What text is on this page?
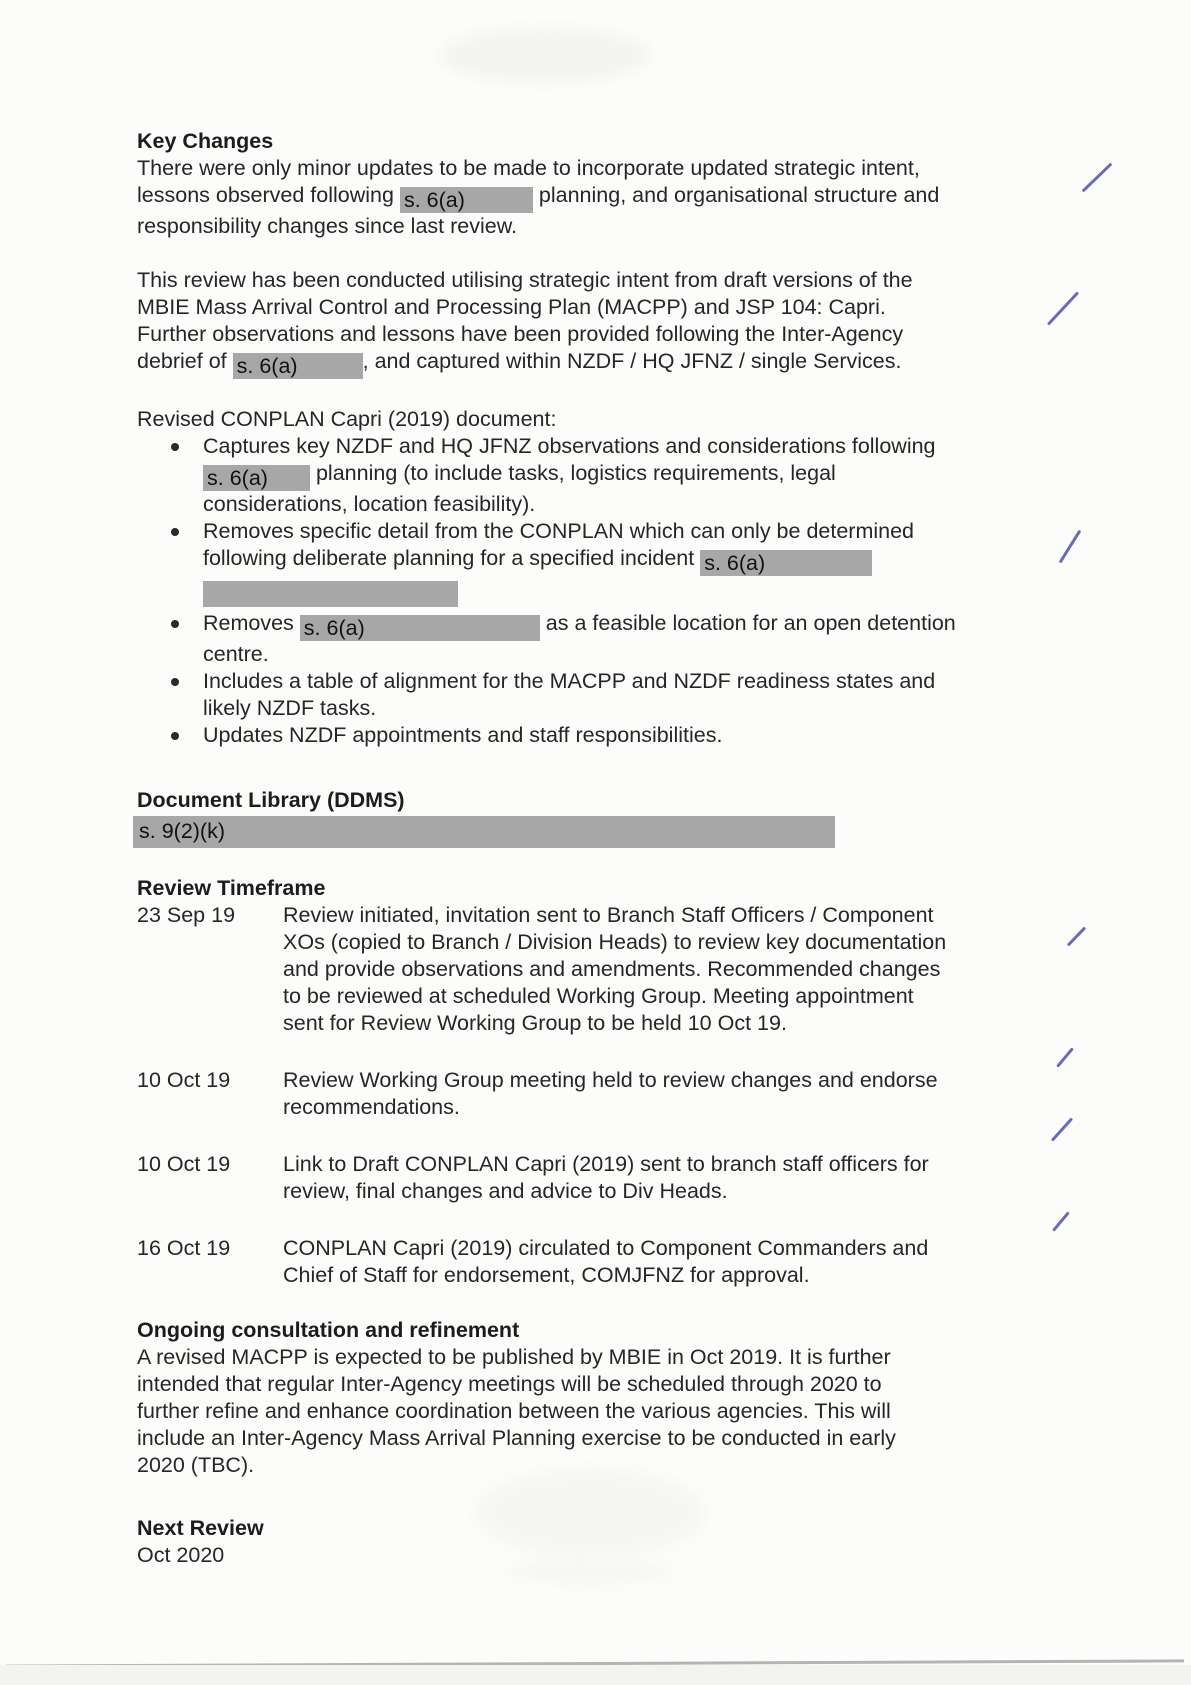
Key Changes
There were only minor updates to be made to incorporate updated strategic intent,
lessons observed following s. 6(a)	planning, and organisational structure and
responsibility changes since last review.
This review has been conducted utilising strategic intent from draft versions of the
MBIE Mass Arrival Control and Processing Plan (MACPP) and JSP 104: Capri.
Further observations and lessons have been provided following the Inter-Agency
debrief of s. 6(a)	, and captured within NZDF / HQ JFNZ / single Services.
Revised CONPLAN Capri (2019) document:
Captures key NZDF and HQ JFNZ observations and considerations following
s. 6(a) planning (to include tasks, logistics requirements, legal
considerations, location feasibility).
Removes specific detail from the CONPLAN which can only be determined
following deliberate planning for a specified incident s. 6(a)
Removes s. 6(a)	as a feasible location for an open detention
centre.
Includes a table of alignment for the MACPP and NZDF readiness states and
likely NZDF tasks.
Updates NZDF appointments and staff responsibilities.
Document Library (DDMS)
s. 9(2)(k)
Review Timeframe
23 Sep 19	Review initiated, invitation sent to Branch Staff Officers / Component
XOs (copied to Branch / Division Heads) to review key documentation
and provide observations and amendments. Recommended changes
to be reviewed at scheduled Working Group. Meeting appointment
sent for Review Working Group to be held 10 Oct 19.
10 Oct 19	Review Working Group meeting held to review changes and endorse
recommendations.
10 Oct 19	Link to Draft CONPLAN Capri (2019) sent to branch staff officers for
review, final changes and advice to Div Heads.
16 Oct 19	CONPLAN Capri (2019) circulated to Component Commanders and
Chief of Staff for endorsement, COMJFNZ for approval.
Ongoing consultation and refinement
A revised MACPP is expected to be published by MBIE in Oct 2019. It is further
intended that regular Inter-Agency meetings will be scheduled through 2020 to
further refine and enhance coordination between the various agencies. This will
include an Inter-Agency Mass Arrival Planning exercise to be conducted in early
2020 (TBC).
Next Review
Oct 2020
